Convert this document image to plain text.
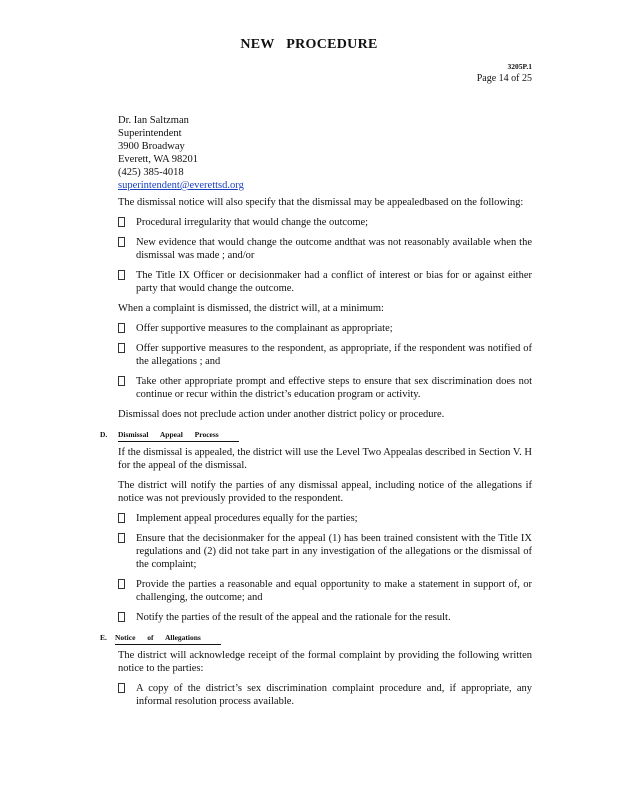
NEW PROCEDURE
3205P.1
Page 14 of 25
Dr. Ian Saltzman
Superintendent
3900 Broadway
Everett, WA 98201
(425) 385-4018
superintendent@everettsd.org

The dismissal notice will also specify that the dismissal may be appealedbased on the following:

Procedural irregularity that would change the outcome;
New evidence that would change the outcome andthat was not reasonably available when the dismissal was made ; and/or
The Title IX Officer or decisionmaker had a conflict of interest or bias for or against either party that would change the outcome.

When a complaint is dismissed, the district will, at a minimum:

Offer supportive measures to the complainant as appropriate;
Offer supportive measures to the respondent, as appropriate, if the respondent was notified of the allegations ; and
Take other appropriate prompt and effective steps to ensure that sex discrimination does not continue or recur within the district’s education program or activity.

Dismissal does not preclude action under another district policy or procedure.

D. Dismissal Appeal Process

If the dismissal is appealed, the district will use the Level Two Appealas described in Section V. H for the appeal of the dismissal.

The district will notify the parties of any dismissal appeal, including notice of the allegations if notice was not previously provided to the respondent.

Implement appeal procedures equally for the parties;
Ensure that the decisionmaker for the appeal (1) has been trained consistent with the Title IX regulations and (2) did not take part in any investigation of the allegations or the dismissal of the complaint;
Provide the parties a reasonable and equal opportunity to make a statement in support of, or challenging, the outcome; and
Notify the parties of the result of the appeal and the rationale for the result.
E. Notice of Allegations

The district will acknowledge receipt of the formal complaint by providing the following written notice to the parties:

A copy of the district’s sex discrimination complaint procedure and, if appropriate, any informal resolution process available.
